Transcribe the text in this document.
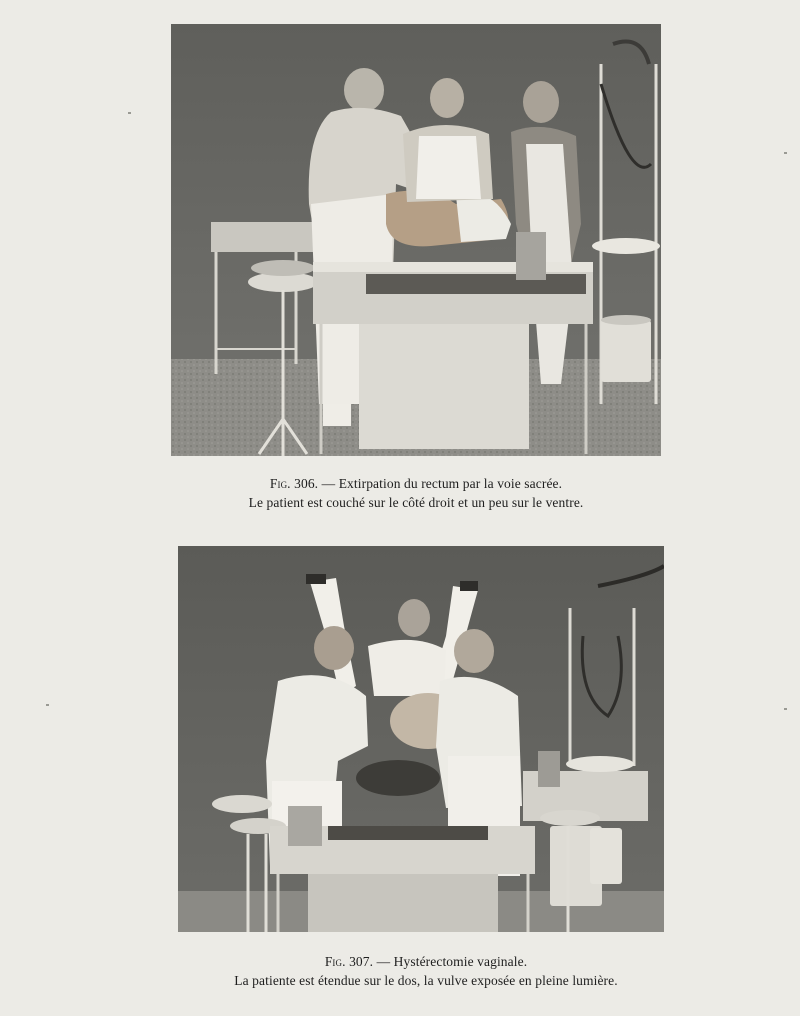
Fig. 306. — Extirpation du rectum par la voie sacrée.
Le patient est couché sur le côté droit et un peu sur le ventre.
Fig. 307. — Hystérectomie vaginale.
La patiente est étendue sur le dos, la vulve exposée en pleine lumière.
